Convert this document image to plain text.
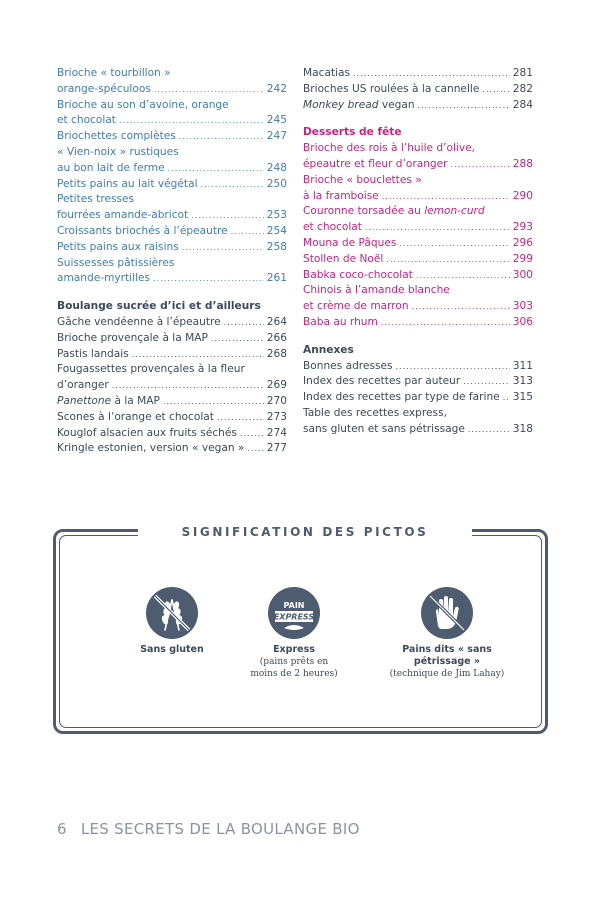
Brioche « tourbillon »
orange-spéculoos .....	242
Brioche au son d’avoine, orange
et chocolat .....	245
Briochettes complètes .....	247
« Vien-noix » rustiques
au bon lait de ferme .....	248
Petits pains au lait végétal .....	250
Petites tresses
fourrées amande-abricot .....	253
Croissants briochés à l’épeautre .....	254
Petits pains aux raisins .....	258
Suissesses pâtissières
amande-myrtilles .....	261
Boulange sucrée d’ici et d’ailleurs
Gâche vendéenne à l’épeautre .....	264
Brioche provençale à la MAP .....	266
Pastis landais .....	268
Fougassettes provençales à la fleur
d’oranger .....	269
Panettone à la MAP .....	270
Scones à l’orange et chocolat .....	273
Kouglof alsacien aux fruits séchés .....	274
Kringle estonien, version « vegan » ..... 277
Macatias .....	281
Brioches US roulées à la cannelle .....	282
Monkey bread vegan .....	284
Desserts de fête
Brioche des rois à l’huile d’olive,
épeautre et fleur d’oranger .....	288
Brioche « bouclettes »
à la framboise .....	290
Couronne torsadée au lemon-curd
et chocolat .....	293
Mouna de Pâques .....	296
Stollen de Noël .....	299
Babka coco-chocolat .....	300
Chinois à l’amande blanche
et crème de marron .....	303
Baba au rhum .....	306
Annexes
Bonnes adresses .....	311
Index des recettes par auteur .....	313
Index des recettes par type de farine ..... 315
Table des recettes express,
sans gluten et sans pétrissage .....	318
SIGNIFICATION DES PICTOS
Sans gluten
PAIN
EXPRESS
Express
(pains prêts en moins de 2 heures)
Pains dits « sans pétrissage »
(technique de Jim Lahay)
6 LES SECRETS DE LA BOULANGE BIO
